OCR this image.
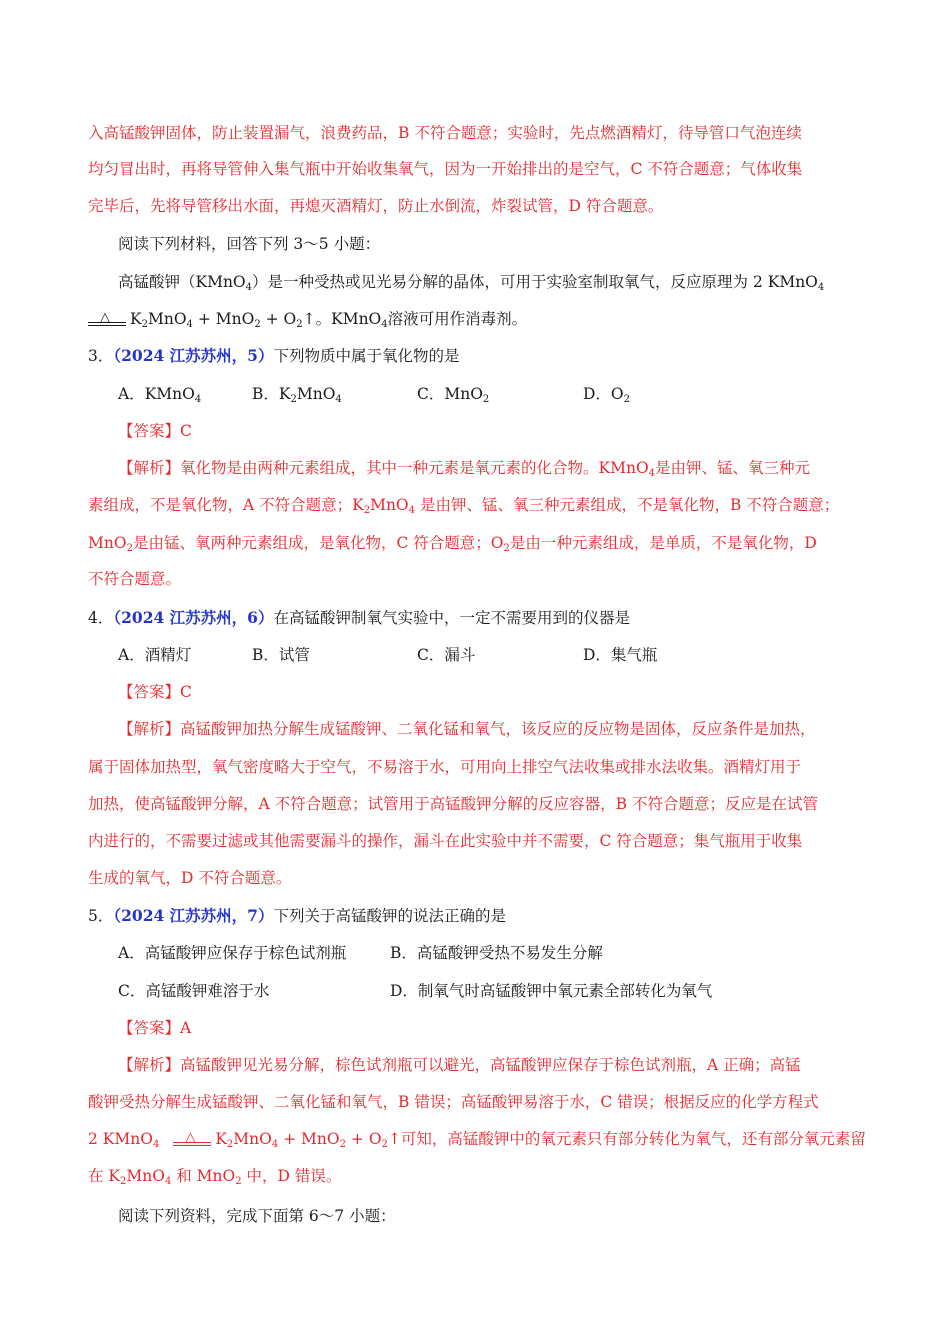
入高锰酸钾固体，防止装置漏气，浪费药品，B 不符合题意；实验时，先点燃酒精灯，待导管口气泡连续
均匀冒出时，再将导管伸入集气瓶中开始收集氧气，因为一开始排出的是空气，C 不符合题意；气体收集
完毕后，先将导管移出水面，再熄灭酒精灯，防止水倒流，炸裂试管，D 符合题意。
阅读下列材料，回答下列 3～5 小题：
高锰酸钾（KMnO$_4$）是一种受热或见光易分解的晶体，可用于实验室制取氧气，反应原理为 2 KMnO$_4$
△ $K_2MnO_4 + MnO_2$ + $O_2↑$。KMnO$_4$溶液可用作消毒剂。
3．（2024 江苏苏州，5）下列物质中属于氧化物的是
A．KMnO$_4$	B．$K_2MnO_4$	C．MnO$_2$	D．$O_2$
【答案】C
【解析】氧化物是由两种元素组成，其中一种元素是氧元素的化合物。KMnO$_4$是由钾、锰、氧三种元
素组成，不是氧化物，A 不符合题意；$K_2MnO_4$ 是由钾、锰、氧三种元素组成，不是氧化物，B 不符合题意；
MnO$_2$是由锰、氧两种元素组成，是氧化物，C 符合题意；$O_2$是由一种元素组成，是单质，不是氧化物，D
不符合题意。
4．（2024 江苏苏州，6）在高锰酸钾制氧气实验中，一定不需要用到的仪器是
A．酒精灯	B．试管	C．漏斗	D．集气瓶
【答案】C
【解析】高锰酸钾加热分解生成锰酸钾、二氧化锰和氧气，该反应的反应物是固体，反应条件是加热，
属于固体加热型，氧气密度略大于空气，不易溶于水，可用向上排空气法收集或排水法收集。酒精灯用于
加热，使高锰酸钾分解，A 不符合题意；试管用于高锰酸钾分解的反应容器，B 不符合题意；反应是在试管
内进行的，不需要过滤或其他需要漏斗的操作，漏斗在此实验中并不需要，C 符合题意；集气瓶用于收集
生成的氧气，D 不符合题意。
5．（2024 江苏苏州，7）下列关于高锰酸钾的说法正确的是
A．高锰酸钾应保存于棕色试剂瓶	B．高锰酸钾受热不易发生分解
C．高锰酸钾难溶于水	D．制氧气时高锰酸钾中氧元素全部转化为氧气
【答案】A
【解析】高锰酸钾见光易分解，棕色试剂瓶可以避光，高锰酸钾应保存于棕色试剂瓶，A 正确；高锰
酸钾受热分解生成锰酸钾、二氧化锰和氧气，B 错误；高锰酸钾易溶于水，C 错误；根据反应的化学方程式
2 KMnO$_4$ △ $K_2MnO_4 + MnO_2$ + $O_2↑$可知，高锰酸钾中的氧元素只有部分转化为氧气，还有部分氧元素留
在 $K_2MnO_4$ 和 MnO$_2$ 中，D 错误。
阅读下列资料，完成下面第 6～7 小题：
